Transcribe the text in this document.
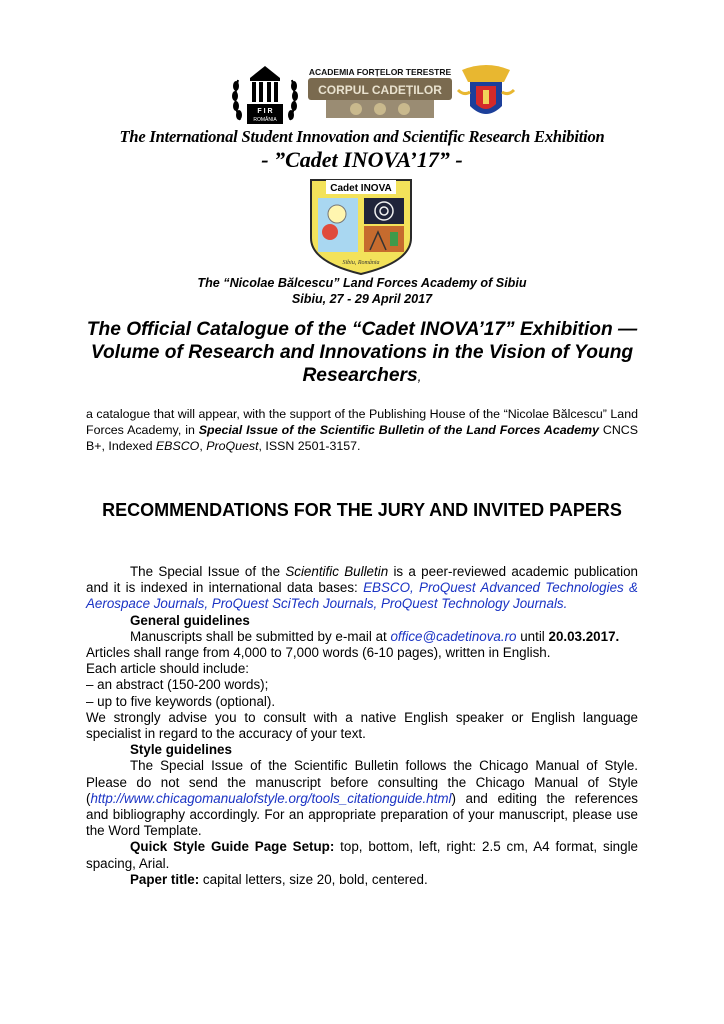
F I R
ROMÂNIA
ACADEMIA FORȚELOR TERESTRE
CORPUL CADEȚILOR
The International Student Innovation and Scientific Research Exhibition
- ”Cadet INOVA’17” -
Cadet INOVA
Sibiu, România
The “Nicolae Bălcescu” Land Forces Academy of Sibiu
Sibiu, 27 - 29 April 2017
The Official Catalogue of the “Cadet INOVA’17” Exhibition — Volume of Research and Innovations in the Vision of Young Researchers,
a catalogue that will appear, with the support of the Publishing House of the “Nicolae Bălcescu” Land Forces Academy, in Special Issue of the Scientific Bulletin of the Land Forces Academy CNCS B+, Indexed EBSCO, ProQuest, ISSN 2501-3157.
RECOMMENDATIONS FOR THE JURY AND INVITED PAPERS

The Special Issue of the Scientific Bulletin is a peer-reviewed academic publication and it is indexed in international data bases: EBSCO, ProQuest Advanced Technologies & Aerospace Journals, ProQuest SciTech Journals, ProQuest Technology Journals.

General guidelines

Manuscripts shall be submitted by e-mail at office@cadetinova.ro until 20.03.2017.

Articles shall range from 4,000 to 7,000 words (6-10 pages), written in English.

Each article should include:

– an abstract (150-200 words);

– up to five keywords (optional).

We strongly advise you to consult with a native English speaker or English language specialist in regard to the accuracy of your text.

Style guidelines

The Special Issue of the Scientific Bulletin follows the Chicago Manual of Style. Please do not send the manuscript before consulting the Chicago Manual of Style (http://www.chicagomanualofstyle.org/tools_citationguide.html) and editing the references and bibliography accordingly. For an appropriate preparation of your manuscript, please use the Word Template.

Quick Style Guide Page Setup: top, bottom, left, right: 2.5 cm, A4 format, single spacing, Arial.

Paper title: capital letters, size 20, bold, centered.
